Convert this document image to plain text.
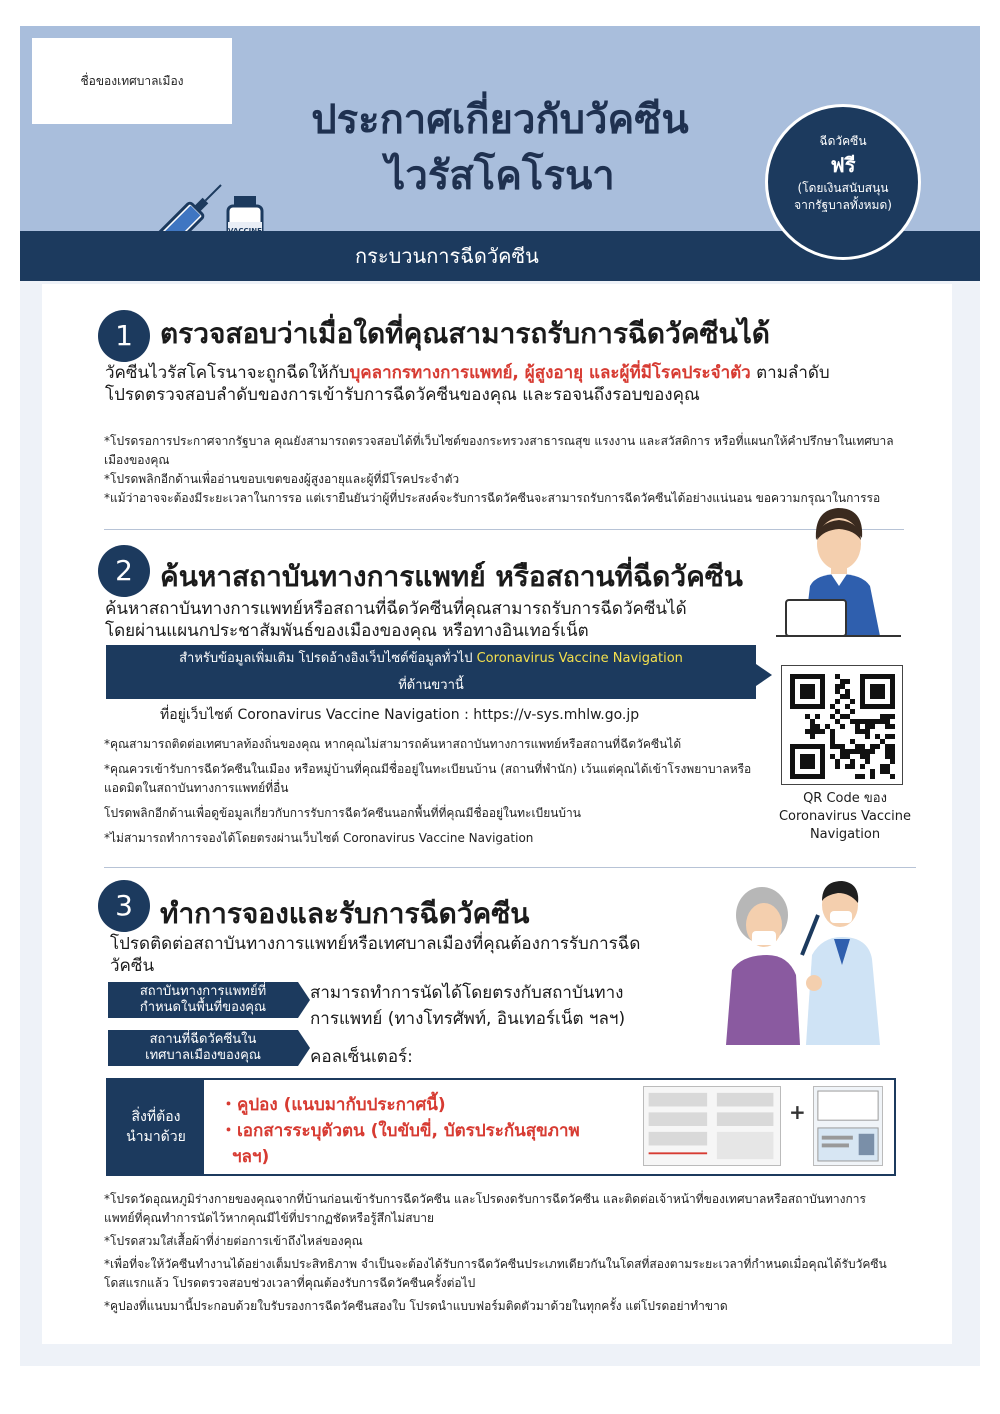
ชื่อของเทศบาลเมือง
ประกาศเกี่ยวกับวัคซีน
ไวรัสโคโรนา
กระบวนการฉีดวัคซีน
ฉีดวัคซีน
ฟรี
(โดยเงินสนับสนุน
จากรัฐบาลทั้งหมด)
1 ตรวจสอบว่าเมื่อใดที่คุณสามารถรับการฉีดวัคซีนได้
วัคซีนไวรัสโคโรนาจะถูกฉีดให้กับบุคลากรทางการแพทย์, ผู้สูงอายุ และผู้ที่มีโรคประจำตัว ตามลำดับ
โปรดตรวจสอบลำดับของการเข้ารับการฉีดวัคซีนของคุณ และรอจนถึงรอบของคุณ
*โปรดรอการประกาศจากรัฐบาล คุณยังสามารถตรวจสอบได้ที่เว็บไซต์ของกระทรวงสาธารณสุข แรงงาน และสวัสดิการ หรือที่แผนกให้คำปรึกษาในเทศบาลเมืองของคุณ
*โปรดพลิกอีกด้านเพื่ออ่านขอบเขตของผู้สูงอายุและผู้ที่มีโรคประจำตัว
*แม้ว่าอาจจะต้องมีระยะเวลาในการรอ แต่เรายืนยันว่าผู้ที่ประสงค์จะรับการฉีดวัคซีนจะสามารถรับการฉีดวัคซีนได้อย่างแน่นอน ขอความกรุณาในการรอ
2 ค้นหาสถาบันทางการแพทย์ หรือสถานที่ฉีดวัคซีน
ค้นหาสถาบันทางการแพทย์หรือสถานที่ฉีดวัคซีนที่คุณสามารถรับการฉีดวัคซีนได้
โดยผ่านแผนกประชาสัมพันธ์ของเมืองของคุณ หรือทางอินเทอร์เน็ต
สำหรับข้อมูลเพิ่มเติม โปรดอ้างอิงเว็บไซต์ข้อมูลทั่วไป Coronavirus Vaccine Navigation
ที่ด้านขวานี้
ที่อยู่เว็บไซต์ Coronavirus Vaccine Navigation : https://v-sys.mhlw.go.jp
QR Code ของ
Coronavirus Vaccine
Navigation
*คุณสามารถติดต่อเทศบาลท้องถิ่นของคุณ หากคุณไม่สามารถค้นหาสถาบันทางการแพทย์หรือสถานที่ฉีดวัคซีนได้
*คุณควรเข้ารับการฉีดวัคซีนในเมือง หรือหมู่บ้านที่คุณมีชื่ออยู่ในทะเบียนบ้าน (สถานที่พำนัก) เว้นแต่คุณได้เข้าโรงพยาบาลหรือแอดมิตในสถาบันทางการแพทย์ที่อื่น
โปรดพลิกอีกด้านเพื่อดูข้อมูลเกี่ยวกับการรับการฉีดวัคซีนนอกพื้นที่ที่คุณมีชื่ออยู่ในทะเบียนบ้าน
*ไม่สามารถทำการจองได้โดยตรงผ่านเว็บไซต์ Coronavirus Vaccine Navigation
3 ทำการจองและรับการฉีดวัคซีน
โปรดติดต่อสถาบันทางการแพทย์หรือเทศบาลเมืองที่คุณต้องการรับการฉีด
วัคซีน
สถาบันทางการแพทย์ที่
กำหนดในพื้นที่ของคุณ
สามารถทำการนัดได้โดยตรงกับสถาบันทาง
การแพทย์ (ทางโทรศัพท์, อินเทอร์เน็ต ฯลฯ)
สถานที่ฉีดวัคซีนใน
เทศบาลเมืองของคุณ	คอลเซ็นเตอร์:
สิ่งที่ต้อง
นำมาด้วย
・คูปอง (แนบมากับประกาศนี้)
・เอกสารระบุตัวตน (ใบขับขี่, บัตรประกันสุขภาพ
ฯลฯ)
+
*โปรดวัดอุณหภูมิร่างกายของคุณจากที่บ้านก่อนเข้ารับการฉีดวัคซีน และโปรดงดรับการฉีดวัคซีน และติดต่อเจ้าหน้าที่ของเทศบาลหรือสถาบันทางการแพทย์ที่คุณทำการนัดไว้หากคุณมีไข้ที่ปรากฏชัดหรือรู้สึกไม่สบาย
*โปรดสวมใส่เสื้อผ้าที่ง่ายต่อการเข้าถึงไหล่ของคุณ
*เพื่อที่จะให้วัคซีนทำงานได้อย่างเต็มประสิทธิภาพ จำเป็นจะต้องได้รับการฉีดวัคซีนประเภทเดียวกันในโดสที่สองตามระยะเวลาที่กำหนดเมื่อคุณได้รับวัคซีนโดสแรกแล้ว โปรดตรวจสอบช่วงเวลาที่คุณต้องรับการฉีดวัคซีนครั้งต่อไป
*คูปองที่แนบมานี้ประกอบด้วยใบรับรองการฉีดวัคซีนสองใบ โปรดนำแบบฟอร์มติดตัวมาด้วยในทุกครั้ง แต่โปรดอย่าทำขาด
